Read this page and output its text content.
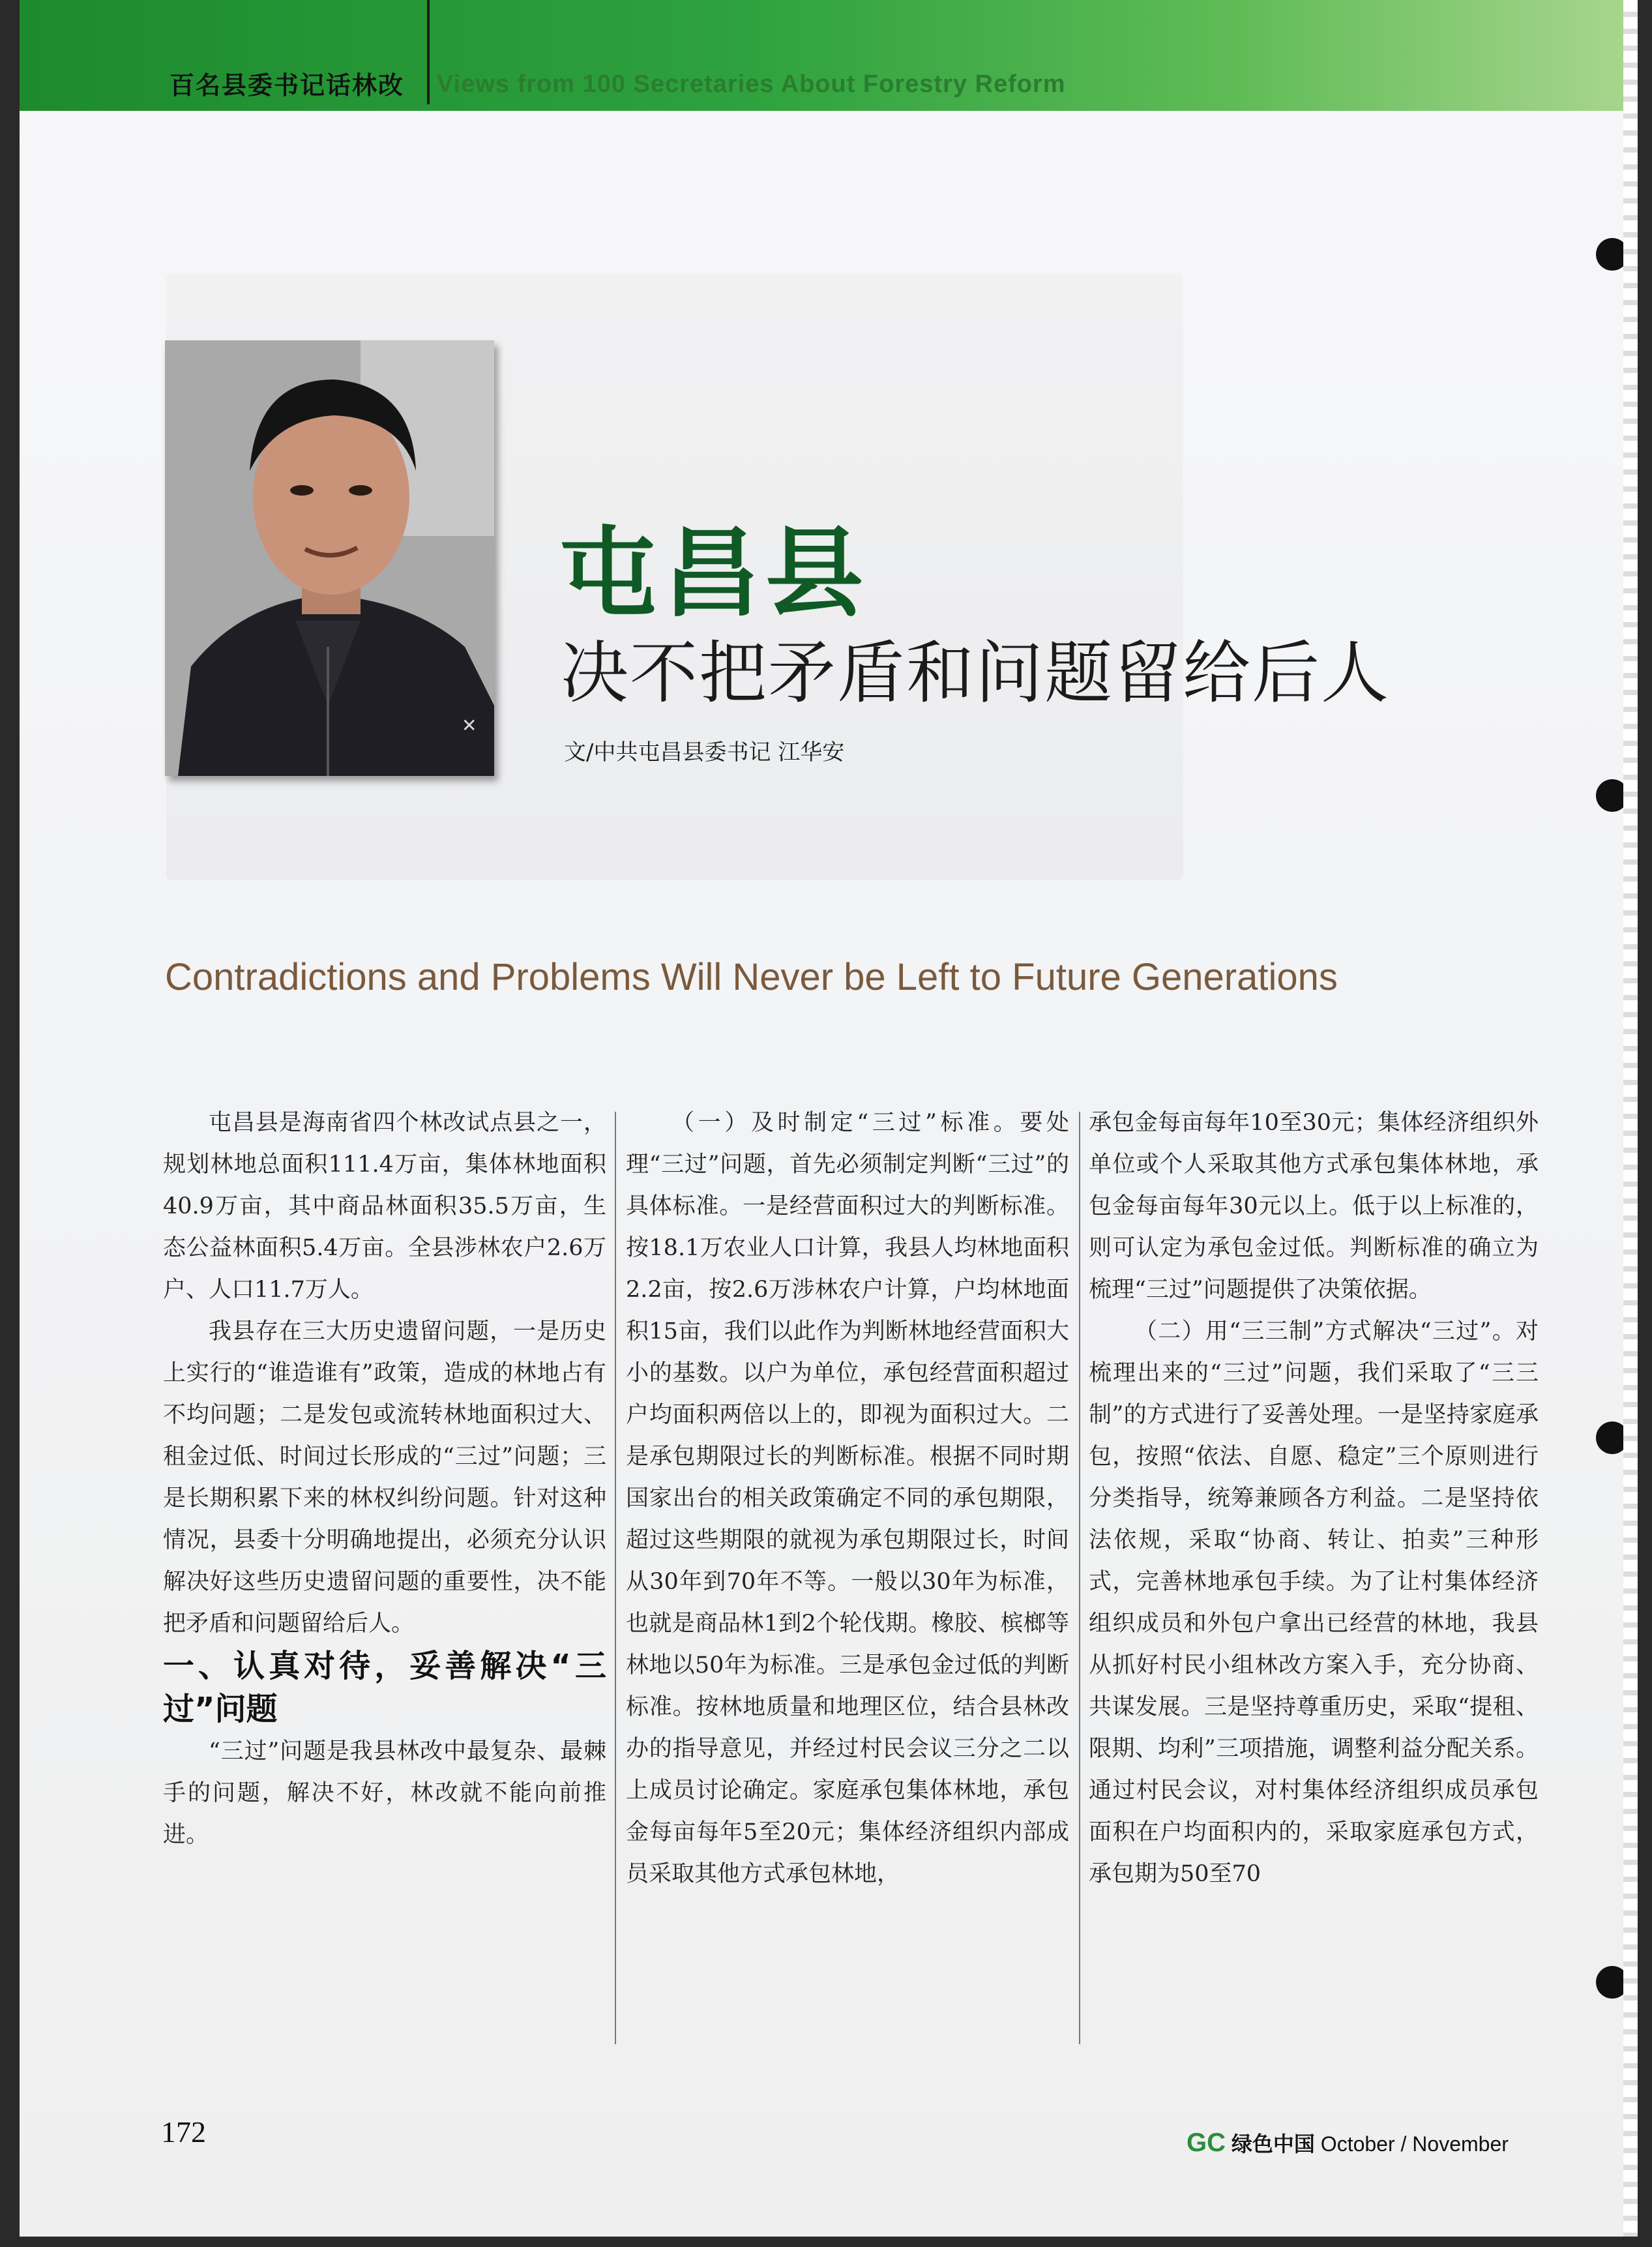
百名县委书记话林改 Views from 100 Secretaries About Forestry Reform
✕
屯昌县
决不把矛盾和问题留给后人
文/中共屯昌县委书记 江华安
Contradictions and Problems Will Never be Left to Future Generations

屯昌县是海南省四个林改试点县之一，规划林地总面积111.4万亩，集体林地面积40.9万亩，其中商品林面积35.5万亩，生态公益林面积5.4万亩。全县涉林农户2.6万户、人口11.7万人。

我县存在三大历史遗留问题，一是历史上实行的“谁造谁有”政策，造成的林地占有不均问题；二是发包或流转林地面积过大、租金过低、时间过长形成的“三过”问题；三是长期积累下来的林权纠纷问题。针对这种情况，县委十分明确地提出，必须充分认识解决好这些历史遗留问题的重要性，决不能把矛盾和问题留给后人。

一、认真对待，妥善解决“三过”问题

“三过”问题是我县林改中最复杂、最棘手的问题，解决不好，林改就不能向前推进。

（一）及时制定“三过”标准。要处理“三过”问题，首先必须制定判断“三过”的具体标准。一是经营面积过大的判断标准。按18.1万农业人口计算，我县人均林地面积2.2亩，按2.6万涉林农户计算，户均林地面积15亩，我们以此作为判断林地经营面积大小的基数。以户为单位，承包经营面积超过户均面积两倍以上的，即视为面积过大。二是承包期限过长的判断标准。根据不同时期国家出台的相关政策确定不同的承包期限，超过这些期限的就视为承包期限过长，时间从30年到70年不等。一般以30年为标准，也就是商品林1到2个轮伐期。橡胶、槟榔等林地以50年为标准。三是承包金过低的判断标准。按林地质量和地理区位，结合县林改办的指导意见，并经过村民会议三分之二以上成员讨论确定。家庭承包集体林地，承包金每亩每年5至20元；集体经济组织内部成员采取其他方式承包林地，

承包金每亩每年10至30元；集体经济组织外单位或个人采取其他方式承包集体林地，承包金每亩每年30元以上。低于以上标准的，则可认定为承包金过低。判断标准的确立为梳理“三过”问题提供了决策依据。

（二）用“三三制”方式解决“三过”。对梳理出来的“三过”问题，我们采取了“三三制”的方式进行了妥善处理。一是坚持家庭承包，按照“依法、自愿、稳定”三个原则进行分类指导，统筹兼顾各方利益。二是坚持依法依规，采取“协商、转让、拍卖”三种形式，完善林地承包手续。为了让村集体经济组织成员和外包户拿出已经营的林地，我县从抓好村民小组林改方案入手，充分协商、共谋发展。三是坚持尊重历史，采取“提租、限期、均利”三项措施，调整利益分配关系。通过村民会议，对村集体经济组织成员承包面积在户均面积内的，采取家庭承包方式，承包期为50至70

172	GC 绿色中国 October / November
